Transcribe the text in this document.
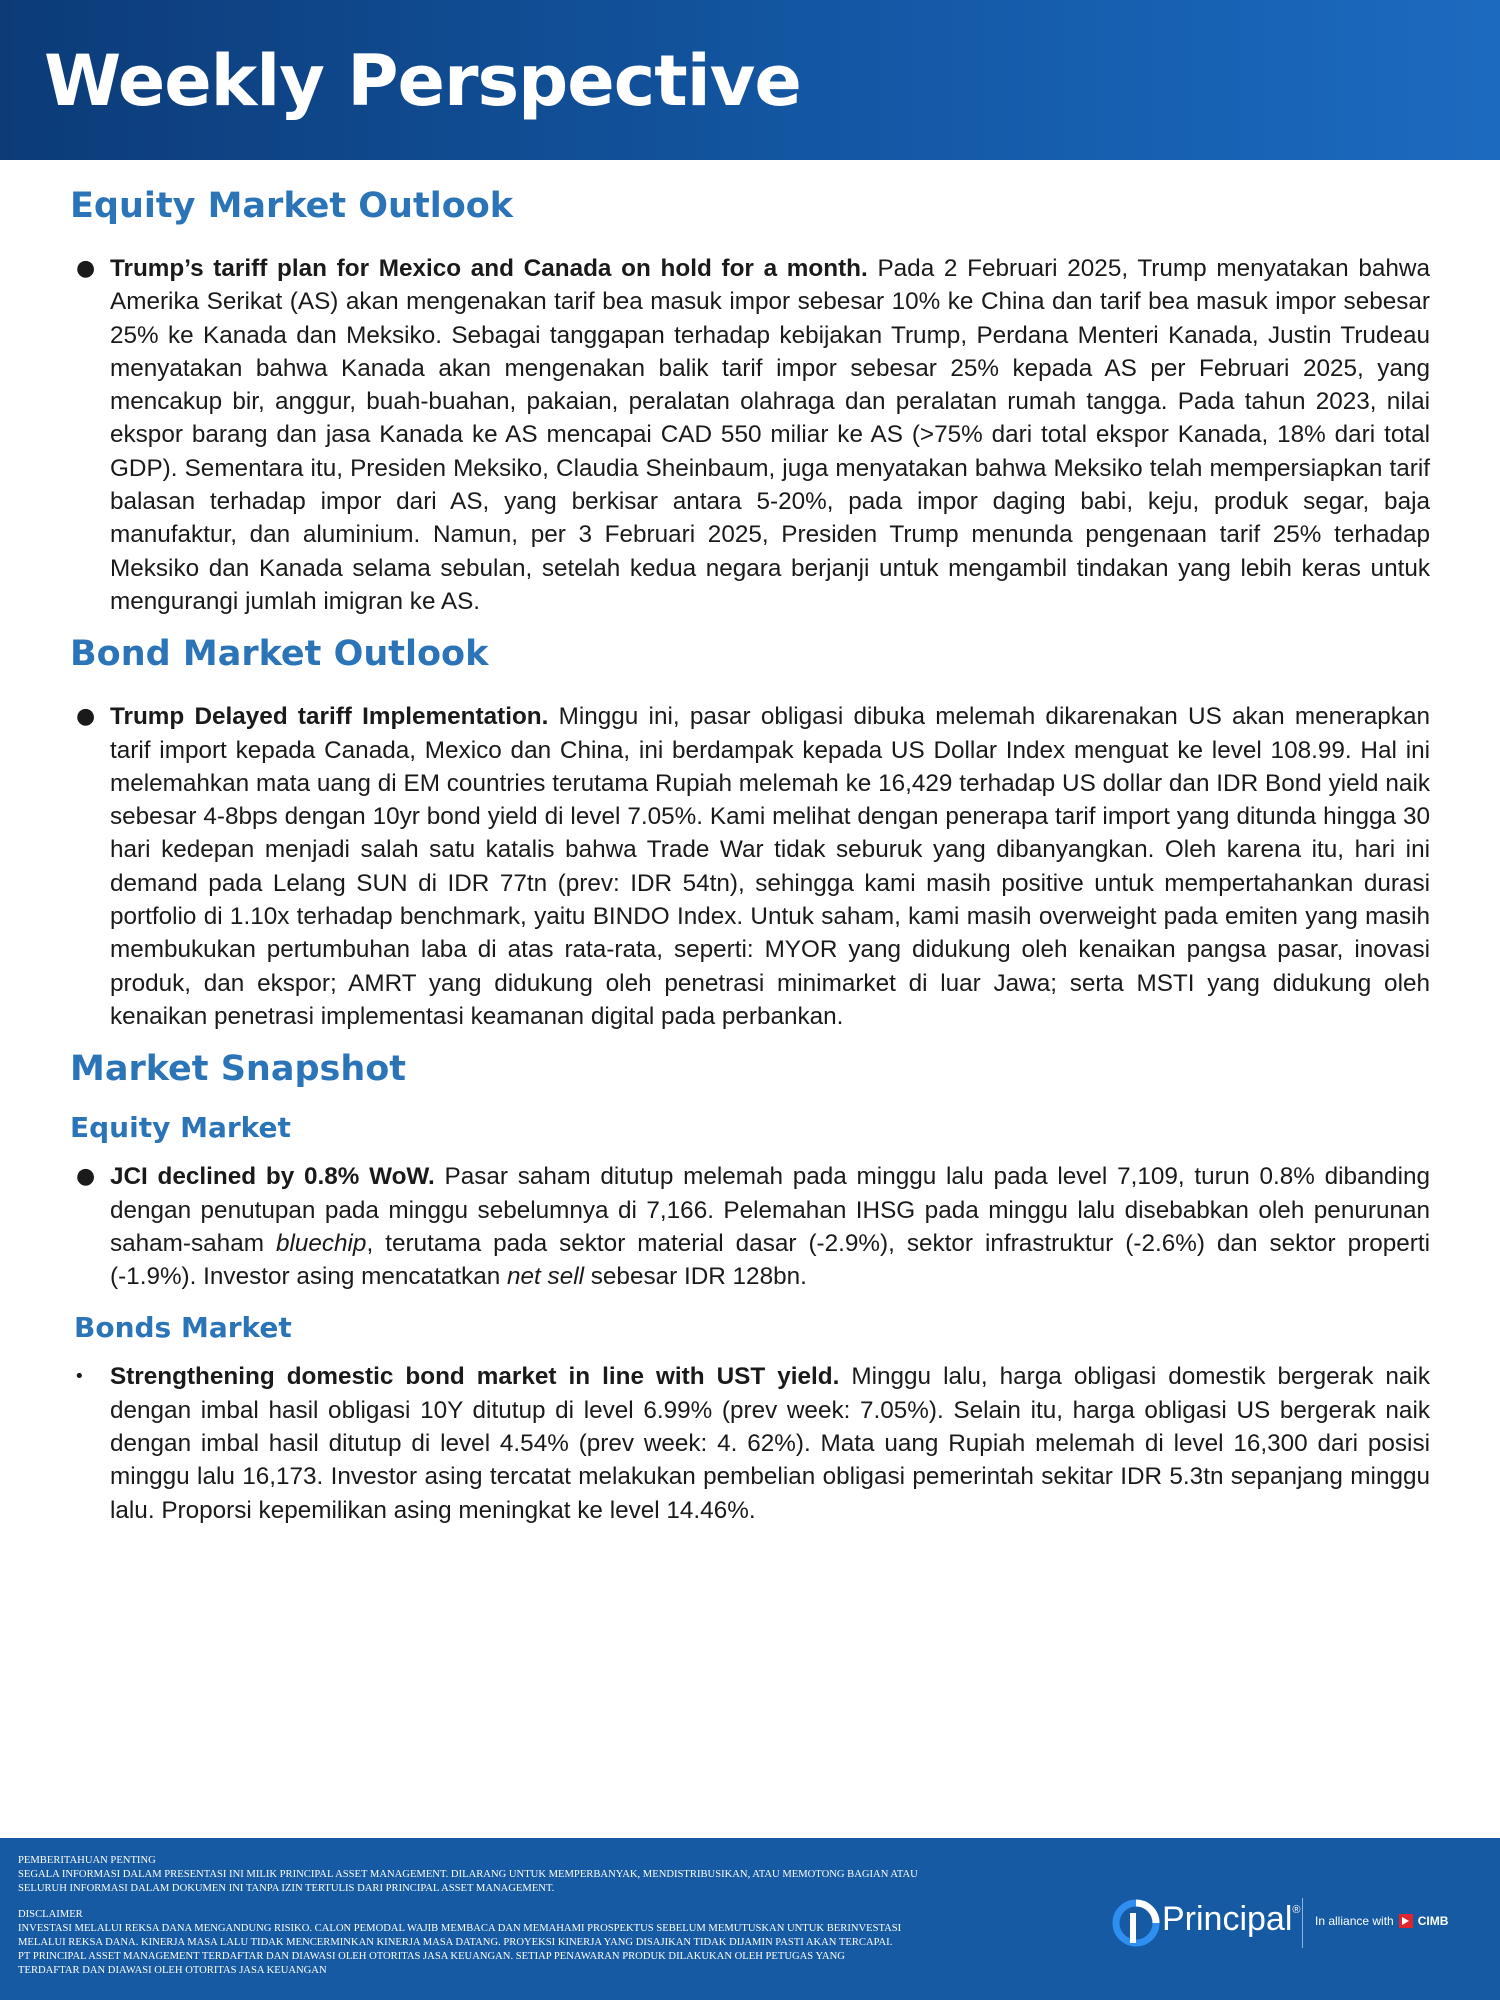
Weekly Perspective
Equity Market Outlook
● Trump’s tariff plan for Mexico and Canada on hold for a month. Pada 2 Februari 2025, Trump menyatakan bahwa Amerika Serikat (AS) akan mengenakan tarif bea masuk impor sebesar 10% ke China dan tarif bea masuk impor sebesar 25% ke Kanada dan Meksiko. Sebagai tanggapan terhadap kebijakan Trump, Perdana Menteri Kanada, Justin Trudeau menyatakan bahwa Kanada akan mengenakan balik tarif impor sebesar 25% kepada AS per Februari 2025, yang mencakup bir, anggur, buah-buahan, pakaian, peralatan olahraga dan peralatan rumah tangga. Pada tahun 2023, nilai ekspor barang dan jasa Kanada ke AS mencapai CAD 550 miliar ke AS (>75% dari total ekspor Kanada, 18% dari total GDP). Sementara itu, Presiden Meksiko, Claudia Sheinbaum, juga menyatakan bahwa Meksiko telah mempersiapkan tarif balasan terhadap impor dari AS, yang berkisar antara 5-20%, pada impor daging babi, keju, produk segar, baja manufaktur, dan aluminium. Namun, per 3 Februari 2025, Presiden Trump menunda pengenaan tarif 25% terhadap Meksiko dan Kanada selama sebulan, setelah kedua negara berjanji untuk mengambil tindakan yang lebih keras untuk mengurangi jumlah imigran ke AS.

Bond Market Outlook
● Trump Delayed tariff Implementation. Minggu ini, pasar obligasi dibuka melemah dikarenakan US akan menerapkan tarif import kepada Canada, Mexico dan China, ini berdampak kepada US Dollar Index menguat ke level 108.99. Hal ini melemahkan mata uang di EM countries terutama Rupiah melemah ke 16,429 terhadap US dollar dan IDR Bond yield naik sebesar 4-8bps dengan 10yr bond yield di level 7.05%. Kami melihat dengan penerapa tarif import yang ditunda hingga 30 hari kedepan menjadi salah satu katalis bahwa Trade War tidak seburuk yang dibanyangkan. Oleh karena itu, hari ini demand pada Lelang SUN di IDR 77tn (prev: IDR 54tn), sehingga kami masih positive untuk mempertahankan durasi portfolio di 1.10x terhadap benchmark, yaitu BINDO Index. Untuk saham, kami masih overweight pada emiten yang masih membukukan pertumbuhan laba di atas rata-rata, seperti: MYOR yang didukung oleh kenaikan pangsa pasar, inovasi produk, dan ekspor; AMRT yang didukung oleh penetrasi minimarket di luar Jawa; serta MSTI yang didukung oleh kenaikan penetrasi implementasi keamanan digital pada perbankan.

Market Snapshot
Equity Market
● JCI declined by 0.8% WoW. Pasar saham ditutup melemah pada minggu lalu pada level 7,109, turun 0.8% dibanding dengan penutupan pada minggu sebelumnya di 7,166. Pelemahan IHSG pada minggu lalu disebabkan oleh penurunan saham-saham bluechip, terutama pada sektor material dasar (-2.9%), sektor infrastruktur (-2.6%) dan sektor properti (-1.9%). Investor asing mencatatkan net sell sebesar IDR 128bn.

Bonds Market
• Strengthening domestic bond market in line with UST yield. Minggu lalu, harga obligasi domestik bergerak naik dengan imbal hasil obligasi 10Y ditutup di level 6.99% (prev week: 7.05%). Selain itu, harga obligasi US bergerak naik dengan imbal hasil ditutup di level 4.54% (prev week: 4. 62%). Mata uang Rupiah melemah di level 16,300 dari posisi minggu lalu 16,173. Investor asing tercatat melakukan pembelian obligasi pemerintah sekitar IDR 5.3tn sepanjang minggu lalu. Proporsi kepemilikan asing meningkat ke level 14.46%.

PEMBERITAHUAN PENTING
SEGALA INFORMASI DALAM PRESENTASI INI MILIK PRINCIPAL ASSET MANAGEMENT. DILARANG UNTUK MEMPERBANYAK, MENDISTRIBUSIKAN, ATAU MEMOTONG BAGIAN ATAU
SELURUH INFORMASI DALAM DOKUMEN INI TANPA IZIN TERTULIS DARI PRINCIPAL ASSET MANAGEMENT.
DISCLAIMER
INVESTASI MELALUI REKSA DANA MENGANDUNG RISIKO. CALON PEMODAL WAJIB MEMBACA DAN MEMAHAMI PROSPEKTUS SEBELUM MEMUTUSKAN UNTUK BERINVESTASI
MELALUI REKSA DANA. KINERJA MASA LALU TIDAK MENCERMINKAN KINERJA MASA DATANG. PROYEKSI KINERJA YANG DISAJIKAN TIDAK DIJAMIN PASTI AKAN TERCAPAI.
PT PRINCIPAL ASSET MANAGEMENT TERDAFTAR DAN DIAWASI OLEH OTORITAS JASA KEUANGAN. SETIAP PENAWARAN PRODUK DILAKUKAN OLEH PETUGAS YANG
TERDAFTAR DAN DIAWASI OLEH OTORITAS JASA KEUANGAN
Principal®
In alliance with CIMB
